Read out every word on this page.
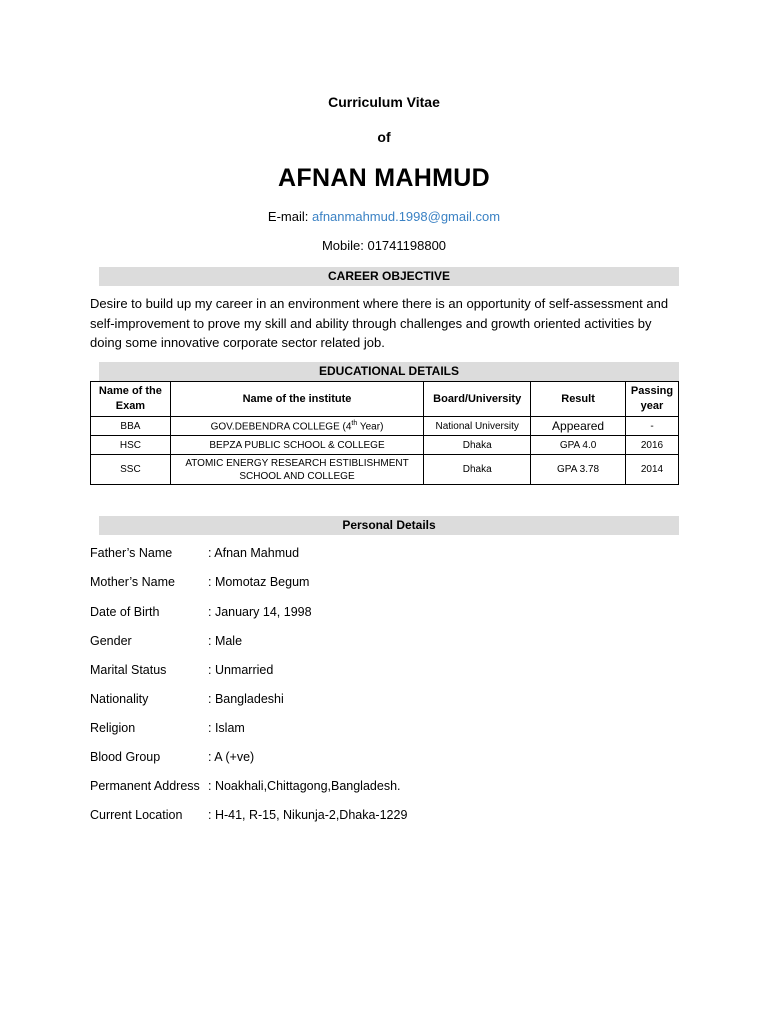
Curriculum Vitae
of
AFNAN MAHMUD
E-mail: afnanmahmud.1998@gmail.com
Mobile: 01741198800
CAREER OBJECTIVE
Desire to build up my career in an environment where there is an opportunity of self-assessment and self-improvement to prove my skill and ability through challenges and growth oriented activities by doing some innovative corporate sector related job.
EDUCATIONAL DETAILS
Name of the Exam	Name of the institute	Board/University	Result	Passing year
BBA	GOV.DEBENDRA COLLEGE (4th Year)	National University	Appeared	-
HSC	BEPZA PUBLIC SCHOOL & COLLEGE	Dhaka	GPA 4.0	2016
SSC	ATOMIC ENERGY RESEARCH ESTIBLISHMENT
SCHOOL AND COLLEGE	Dhaka	GPA 3.78	2014
Personal Details
Father’s Name	: Afnan Mahmud
Mother’s Name	: Momotaz Begum
Date of Birth	: January 14, 1998
Gender	: Male
Marital Status	: Unmarried
Nationality	: Bangladeshi
Religion	: Islam
Blood Group	: A (+ve)
Permanent Address : Noakhali,Chittagong,Bangladesh.
Current Location : H-41, R-15, Nikunja-2,Dhaka-1229
